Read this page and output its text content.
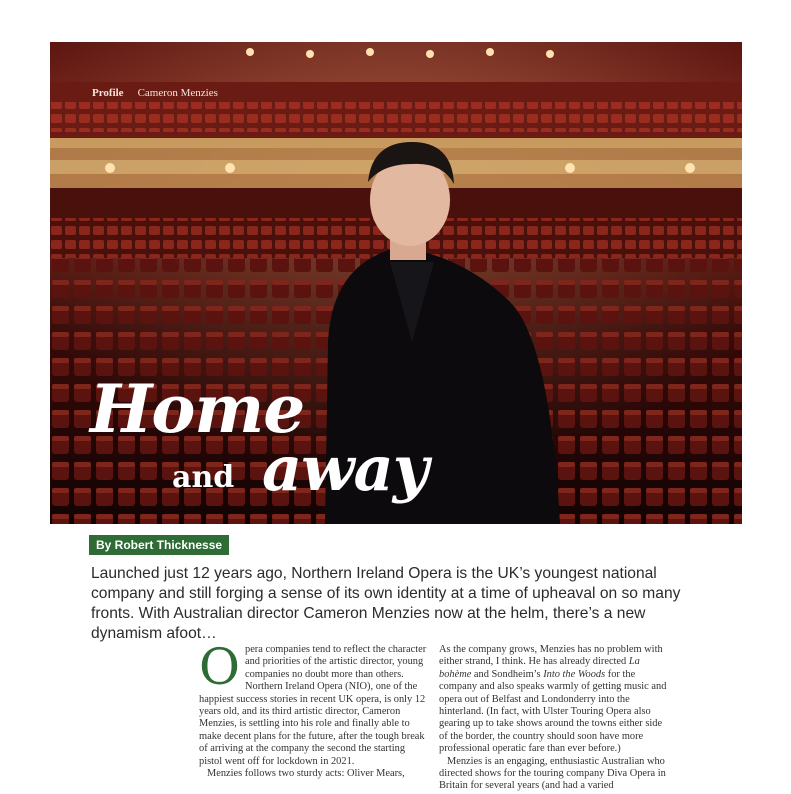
Profile Cameron Menzies
Home
and away
By Robert Thicknesse

Launched just 12 years ago, Northern Ireland Opera is the UK’s youngest national company and still forging a sense of its own identity at a time of upheaval on so many fronts. With Australian director Cameron Menzies now at the helm, there’s a new dynamism afoot…

Opera companies tend to reflect the character and priorities of the artistic director, young companies no doubt more than others. Northern Ireland Opera (NIO), one of the happiest success stories in recent UK opera, is only 12 years old, and its third artistic director, Cameron Menzies, is settling into his role and finally able to make decent plans for the future, after the tough break of arriving at the company the second the starting pistol went off for lockdown in 2021.

Menzies follows two sturdy acts: Oliver Mears,

As the company grows, Menzies has no problem with either strand, I think. He has already directed La bohème and Sondheim’s Into the Woods for the company and also speaks warmly of getting music and opera out of Belfast and Londonderry into the hinterland. (In fact, with Ulster Touring Opera also gearing up to take shows around the towns either side of the border, the country should soon have more professional operatic fare than ever before.)

Menzies is an engaging, enthusiastic Australian who directed shows for the touring company Diva Opera in Britain for several years (and had a varied
